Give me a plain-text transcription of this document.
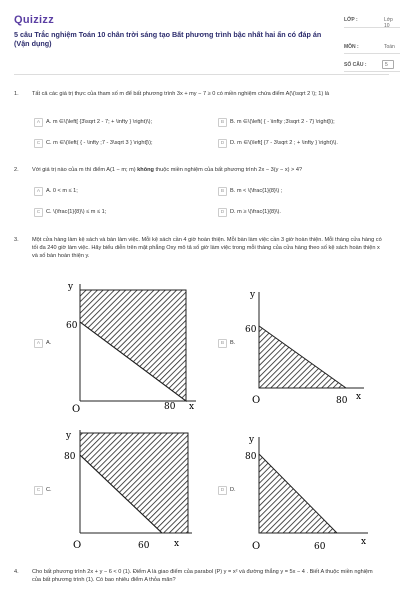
Quizizz
5 câu Trắc nghiệm Toán 10 chân trời sáng tạo Bất phương trình bậc nhất hai ẩn có đáp án (Vận dụng)
LỚP :	Lớp 10
MÔN :	Toán
SỐ CÂU :	5
1. Tất cả các giá trị thực của tham số m để bất phương trình 3x + my − 7 ≥ 0 có miền nghiệm chứa điểm A(\(\sqrt 2 \); 1) là
A	A. m ∈\(\left[ {3\sqrt 2 - 7; + \infty } \right)\);	B	B. m ∈\(\left( { - \infty ;3\sqrt 2 - 7} \right]\);
C	C. m ∈\(\left( { - \infty ;7 - 3\sqrt 3 } \right]\);	D	D. m ∈\(\left[ {7 - 3\sqrt 2 ; + \infty } \right)\).
2. Với giá trị nào của m thì điểm A(1 − m; m) không thuộc miền nghiệm của bất phương trình 2x − 3(y − x) > 4?
A	A. 0 < m ≤ 1;	B	B. m < \(\frac{1}{8}\) ;
C	C. \(\frac{1}{8}\) ≤ m ≤ 1;	D	D. m ≥ \(\frac{1}{8}\).
3. Một cửa hàng làm kệ sách và bàn làm việc. Mỗi kệ sách cần 4 giờ hoàn thiện. Mỗi bàn làm việc cần 3 giờ hoàn thiện. Mỗi tháng cửa hàng có tối đa 240 giờ làm việc. Hãy biểu diễn trên mặt phẳng Oxy mô tả số giờ làm việc trong mỗi tháng của cửa hàng theo số kệ sách hoàn thiện x và số bàn hoàn thiện y.
A	A.
y
60
O	80 x
B	B.
y
60
O	80 x
C	C.
y
80
O	60	x
D	D.
y
80
O	60	x
4. Cho bất phương trình 2x + y − 6 < 0 (1). Điểm A là giao điểm của parabol (P) y = x² và đường thẳng y = 5x − 4 . Biết A thuộc miền nghiệm của bất phương trình (1). Có bao nhiêu điểm A thỏa mãn?
